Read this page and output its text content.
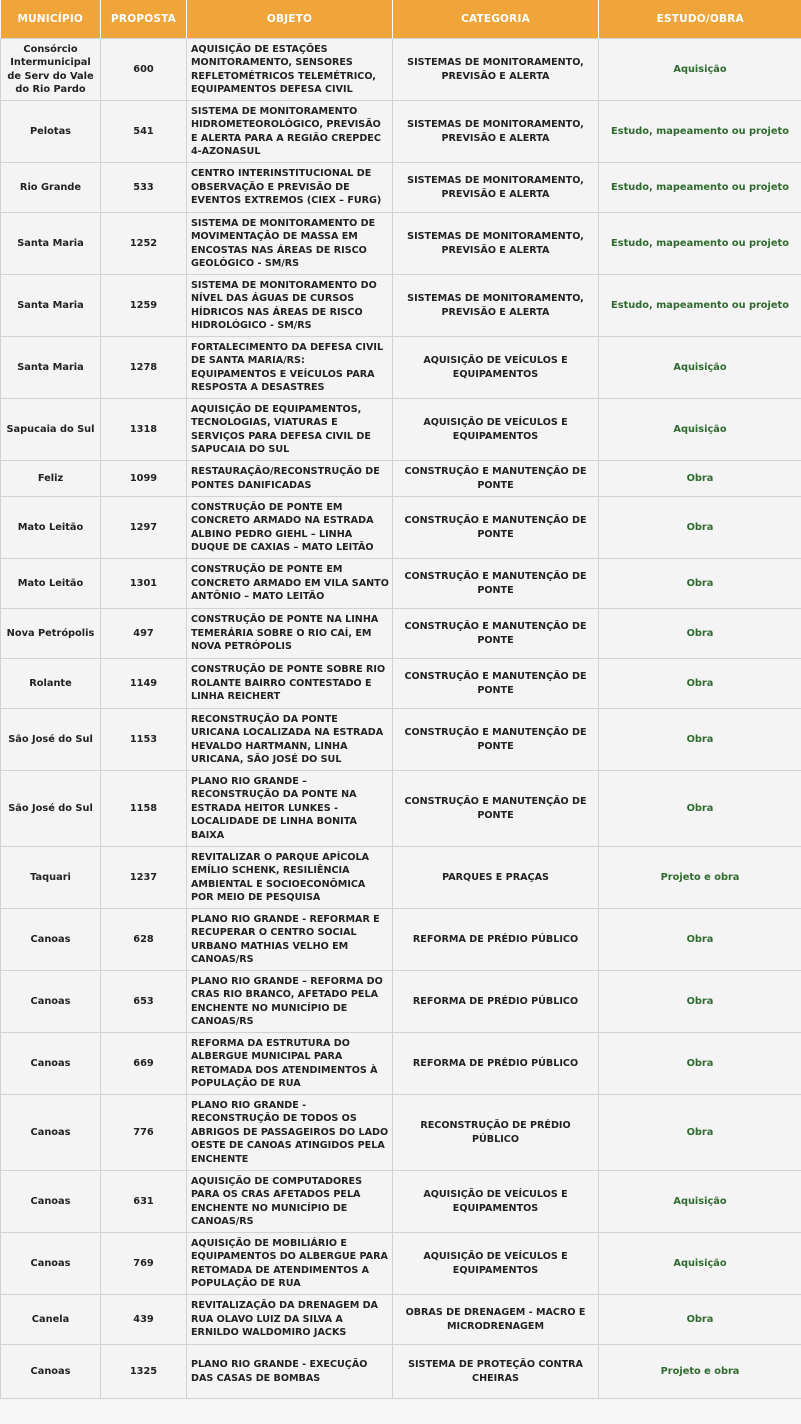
MUNICÍPIO	PROPOSTA	OBJETO	CATEGORIA	ESTUDO/OBRA
Consórcio Intermunicipal de Serv do Vale do Rio Pardo	600	AQUISIÇÃO DE ESTAÇÕES MONITORAMENTO, SENSORES REFLETOMÉTRICOS TELEMÉTRICO, EQUIPAMENTOS DEFESA CIVIL	SISTEMAS DE MONITORAMENTO, PREVISÃO E ALERTA	Aquisição
Pelotas	541	SISTEMA DE MONITORAMENTO HIDROMETEOROLÓGICO, PREVISÃO E ALERTA PARA A REGIÃO CREPDEC 4-AZONASUL	SISTEMAS DE MONITORAMENTO, PREVISÃO E ALERTA	Estudo, mapeamento ou projeto
Rio Grande	533	CENTRO INTERINSTITUCIONAL DE OBSERVAÇÃO E PREVISÃO DE EVENTOS EXTREMOS (CIEX – FURG)	SISTEMAS DE MONITORAMENTO, PREVISÃO E ALERTA	Estudo, mapeamento ou projeto
Santa Maria	1252	SISTEMA DE MONITORAMENTO DE MOVIMENTAÇÃO DE MASSA EM ENCOSTAS NAS ÁREAS DE RISCO GEOLÓGICO - SM/RS	SISTEMAS DE MONITORAMENTO, PREVISÃO E ALERTA	Estudo, mapeamento ou projeto
Santa Maria	1259	SISTEMA DE MONITORAMENTO DO NÍVEL DAS ÁGUAS DE CURSOS HÍDRICOS NAS ÁREAS DE RISCO HIDROLÓGICO - SM/RS	SISTEMAS DE MONITORAMENTO, PREVISÃO E ALERTA	Estudo, mapeamento ou projeto
Santa Maria	1278	FORTALECIMENTO DA DEFESA CIVIL DE SANTA MARIA/RS: EQUIPAMENTOS E VEÍCULOS PARA RESPOSTA A DESASTRES	AQUISIÇÃO DE VEÍCULOS E EQUIPAMENTOS	Aquisição
Sapucaia do Sul	1318	AQUISIÇÃO DE EQUIPAMENTOS, TECNOLOGIAS, VIATURAS E SERVIÇOS PARA DEFESA CIVIL DE SAPUCAIA DO SUL	AQUISIÇÃO DE VEÍCULOS E EQUIPAMENTOS	Aquisição
Feliz	1099	RESTAURAÇÃO/RECONSTRUÇÃO DE PONTES DANIFICADAS	CONSTRUÇÃO E MANUTENÇÃO DE PONTE	Obra
Mato Leitão	1297	CONSTRUÇÃO DE PONTE EM CONCRETO ARMADO NA ESTRADA ALBINO PEDRO GIEHL – LINHA DUQUE DE CAXIAS – MATO LEITÃO	CONSTRUÇÃO E MANUTENÇÃO DE PONTE	Obra
Mato Leitão	1301	CONSTRUÇÃO DE PONTE EM CONCRETO ARMADO EM VILA SANTO ANTÔNIO – MATO LEITÃO	CONSTRUÇÃO E MANUTENÇÃO DE PONTE	Obra
Nova Petrópolis	497	CONSTRUÇÃO DE PONTE NA LINHA TEMERÁRIA SOBRE O RIO CAÍ, EM NOVA PETRÓPOLIS	CONSTRUÇÃO E MANUTENÇÃO DE PONTE	Obra
Rolante	1149	CONSTRUÇÃO DE PONTE SOBRE RIO ROLANTE BAIRRO CONTESTADO E LINHA REICHERT	CONSTRUÇÃO E MANUTENÇÃO DE PONTE	Obra
São José do Sul	1153	RECONSTRUÇÃO DA PONTE URICANA LOCALIZADA NA ESTRADA HEVALDO HARTMANN, LINHA URICANA, SÃO JOSÉ DO SUL	CONSTRUÇÃO E MANUTENÇÃO DE PONTE	Obra
São José do Sul	1158	PLANO RIO GRANDE – RECONSTRUÇÃO DA PONTE NA ESTRADA HEITOR LUNKES - LOCALIDADE DE LINHA BONITA BAIXA	CONSTRUÇÃO E MANUTENÇÃO DE PONTE	Obra
Taquari	1237	REVITALIZAR O PARQUE APÍCOLA EMÍLIO SCHENK, RESILIÊNCIA AMBIENTAL E SOCIOECONÔMICA POR MEIO DE PESQUISA	PARQUES E PRAÇAS	Projeto e obra
Canoas	628	PLANO RIO GRANDE - REFORMAR E RECUPERAR O CENTRO SOCIAL URBANO MATHIAS VELHO EM CANOAS/RS	REFORMA DE PRÉDIO PÚBLICO	Obra
Canoas	653	PLANO RIO GRANDE – REFORMA DO CRAS RIO BRANCO, AFETADO PELA ENCHENTE NO MUNICÍPIO DE CANOAS/RS	REFORMA DE PRÉDIO PÚBLICO	Obra
Canoas	669	REFORMA DA ESTRUTURA DO ALBERGUE MUNICIPAL PARA RETOMADA DOS ATENDIMENTOS À POPULAÇÃO DE RUA	REFORMA DE PRÉDIO PÚBLICO	Obra
Canoas	776	PLANO RIO GRANDE - RECONSTRUÇÃO DE TODOS OS ABRIGOS DE PASSAGEIROS DO LADO OESTE DE CANOAS ATINGIDOS PELA ENCHENTE	RECONSTRUÇÃO DE PRÉDIO PÚBLICO	Obra
Canoas	631	AQUISIÇÃO DE COMPUTADORES PARA OS CRAS AFETADOS PELA ENCHENTE NO MUNICÍPIO DE CANOAS/RS	AQUISIÇÃO DE VEÍCULOS E EQUIPAMENTOS	Aquisição
Canoas	769	AQUISIÇÃO DE MOBILIÁRIO E EQUIPAMENTOS DO ALBERGUE PARA RETOMADA DE ATENDIMENTOS A POPULAÇÃO DE RUA	AQUISIÇÃO DE VEÍCULOS E EQUIPAMENTOS	Aquisição
Canela	439	REVITALIZAÇÃO DA DRENAGEM DA RUA OLAVO LUIZ DA SILVA A ERNILDO WALDOMIRO JACKS	OBRAS DE DRENAGEM - MACRO E MICRODRENAGEM	Obra
Canoas	1325	PLANO RIO GRANDE - EXECUÇÃO DAS CASAS DE BOMBAS	SISTEMA DE PROTEÇÃO CONTRA CHEIRAS	Projeto e obra
